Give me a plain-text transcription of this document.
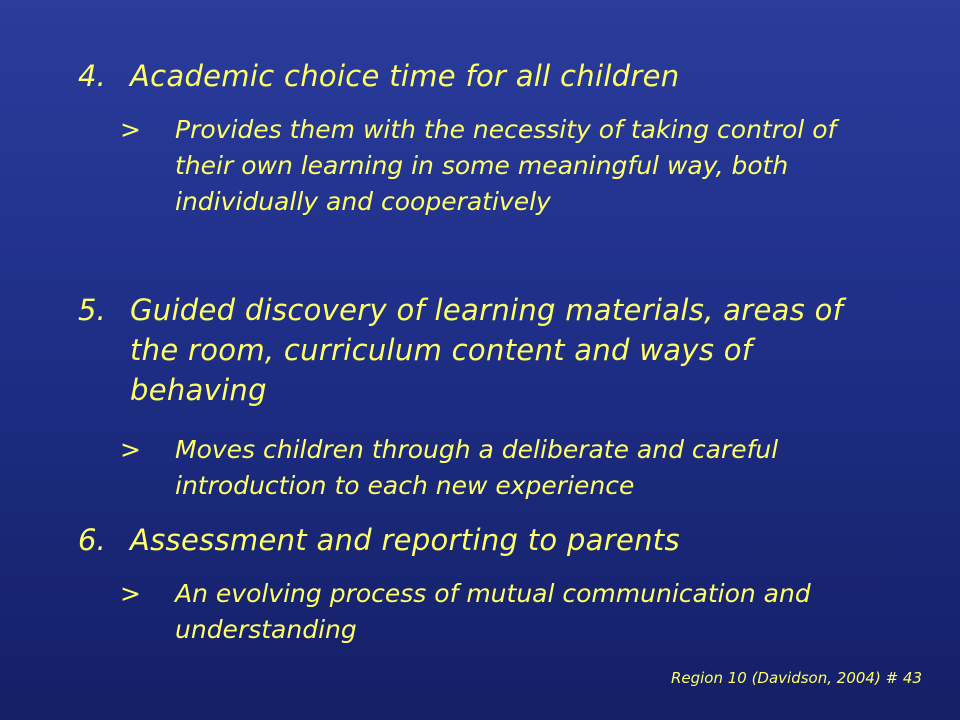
4. Academic choice time for all children
> Provides them with the necessity of taking control of their own learning in some meaningful way, both individually and cooperatively
5. Guided discovery of learning materials, areas of the room, curriculum content and ways of behaving
> Moves children through a deliberate and careful introduction to each new experience
6. Assessment and reporting to parents
> An evolving process of mutual communication and understanding
Region 10 (Davidson, 2004) # 43
